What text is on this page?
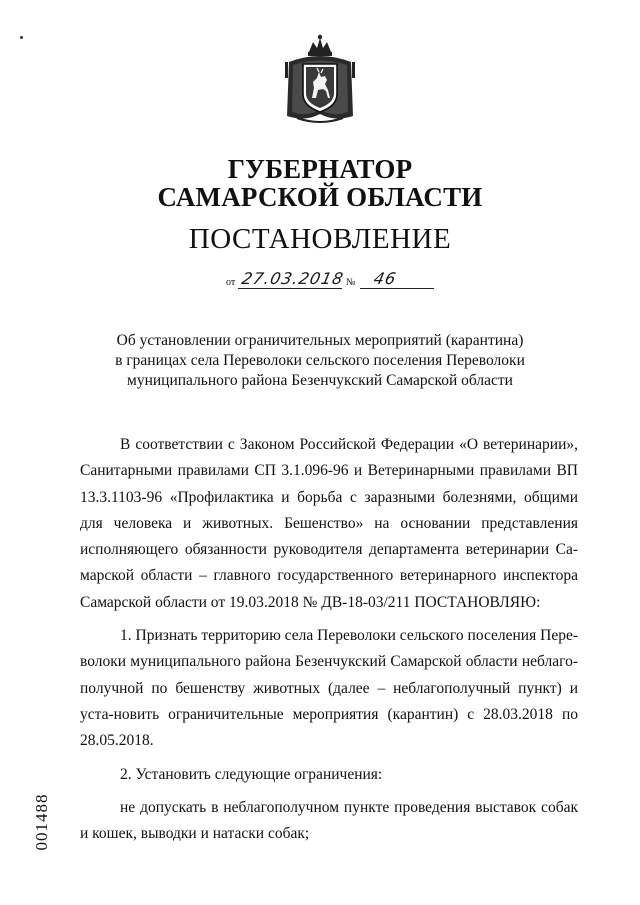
ГУБЕРНАТОР
САМАРСКОЙ ОБЛАСТИ
ПОСТАНОВЛЕНИЕ
от 27.03.2018 № 46
Об установлении ограничительных мероприятий (карантина)
в границах села Переволоки сельского поселения Переволоки
муниципального района Безенчукский Самарской области

В соответствии с Законом Российской Федерации «О ветеринарии», Санитарными правилами СП 3.1.096-96 и Ветеринарными правилами ВП 13.3.1103-96 «Профилактика и борьба с заразными болезнями, общими для человека и животных. Бешенство» на основании представления исполняющего обязанности руководителя департамента ветеринарии Са-марской области – главного государственного ветеринарного инспектора Самарской области от 19.03.2018 № ДВ-18-03/211 ПОСТАНОВЛЯЮ:

1. Признать территорию села Переволоки сельского поселения Пере-волоки муниципального района Безенчукский Самарской области неблаго-получной по бешенству животных (далее – неблагополучный пункт) и уста-новить ограничительные мероприятия (карантин) с 28.03.2018 по 28.05.2018.

2. Установить следующие ограничения:

не допускать в неблагополучном пункте проведения выставок собак и кошек, выводки и натаски собак;

001488
